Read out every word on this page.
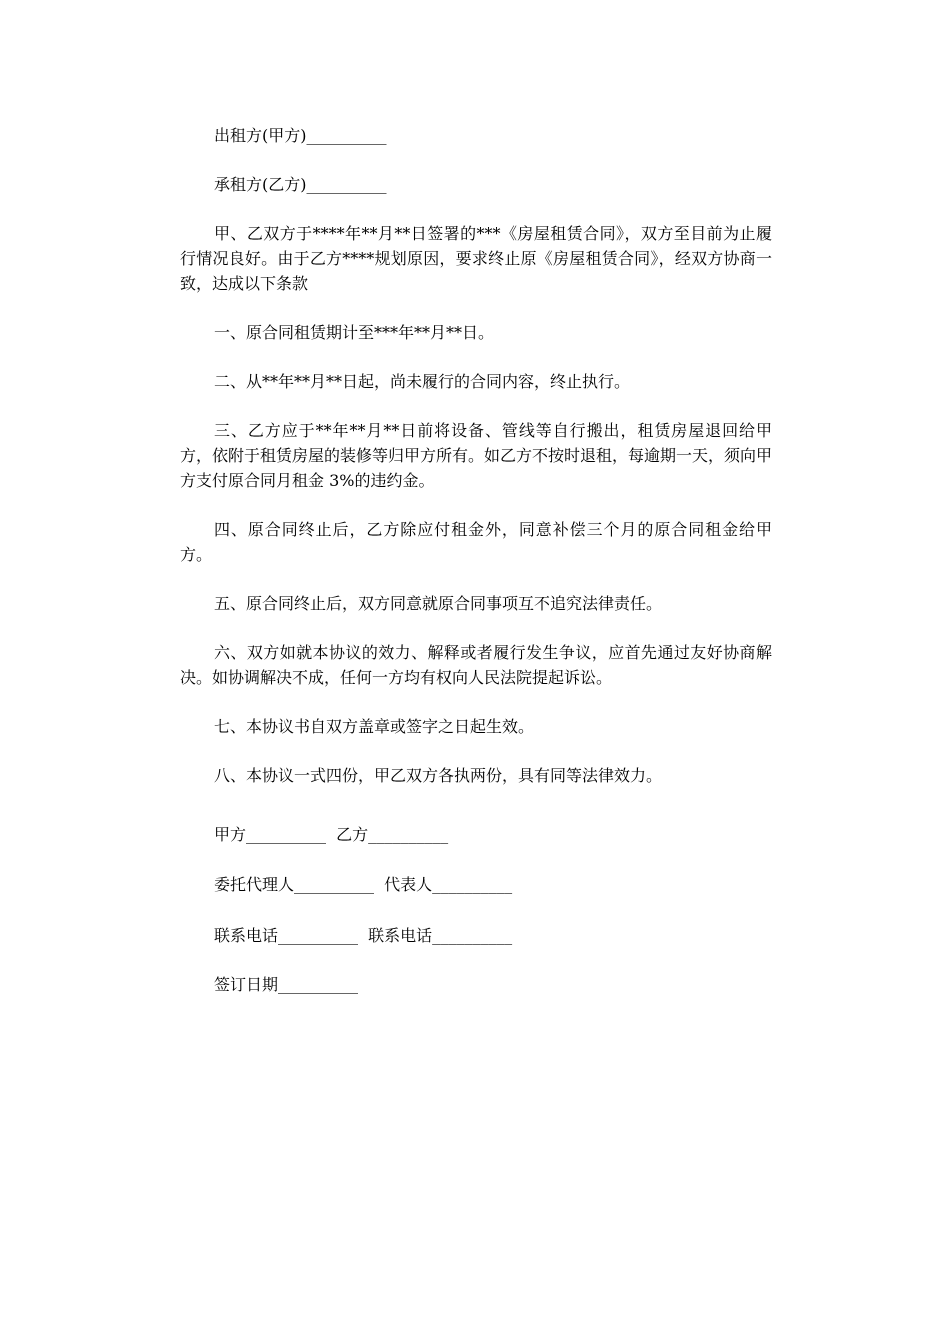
出租方(甲方)__________

承租方(乙方)__________

甲、乙双方于****年**月**日签署的***《房屋租赁合同》，双方至目前为止履行情况良好。由于乙方****规划原因，要求终止原《房屋租赁合同》，经双方协商一致，达成以下条款

一、原合同租赁期计至***年**月**日。

二、从**年**月**日起，尚未履行的合同内容，终止执行。

三、乙方应于**年**月**日前将设备、管线等自行搬出，租赁房屋退回给甲方，依附于租赁房屋的装修等归甲方所有。如乙方不按时退租，每逾期一天，须向甲方支付原合同月租金 3%的违约金。

四、原合同终止后，乙方除应付租金外，同意补偿三个月的原合同租金给甲方。

五、原合同终止后，双方同意就原合同事项互不追究法律责任。

六、双方如就本协议的效力、解释或者履行发生争议，应首先通过友好协商解决。如协调解决不成，任何一方均有权向人民法院提起诉讼。

七、本协议书自双方盖章或签字之日起生效。

八、本协议一式四份，甲乙双方各执两份，具有同等法律效力。

甲方__________  乙方__________
委托代理人__________  代表人__________
联系电话__________  联系电话__________
签订日期__________
